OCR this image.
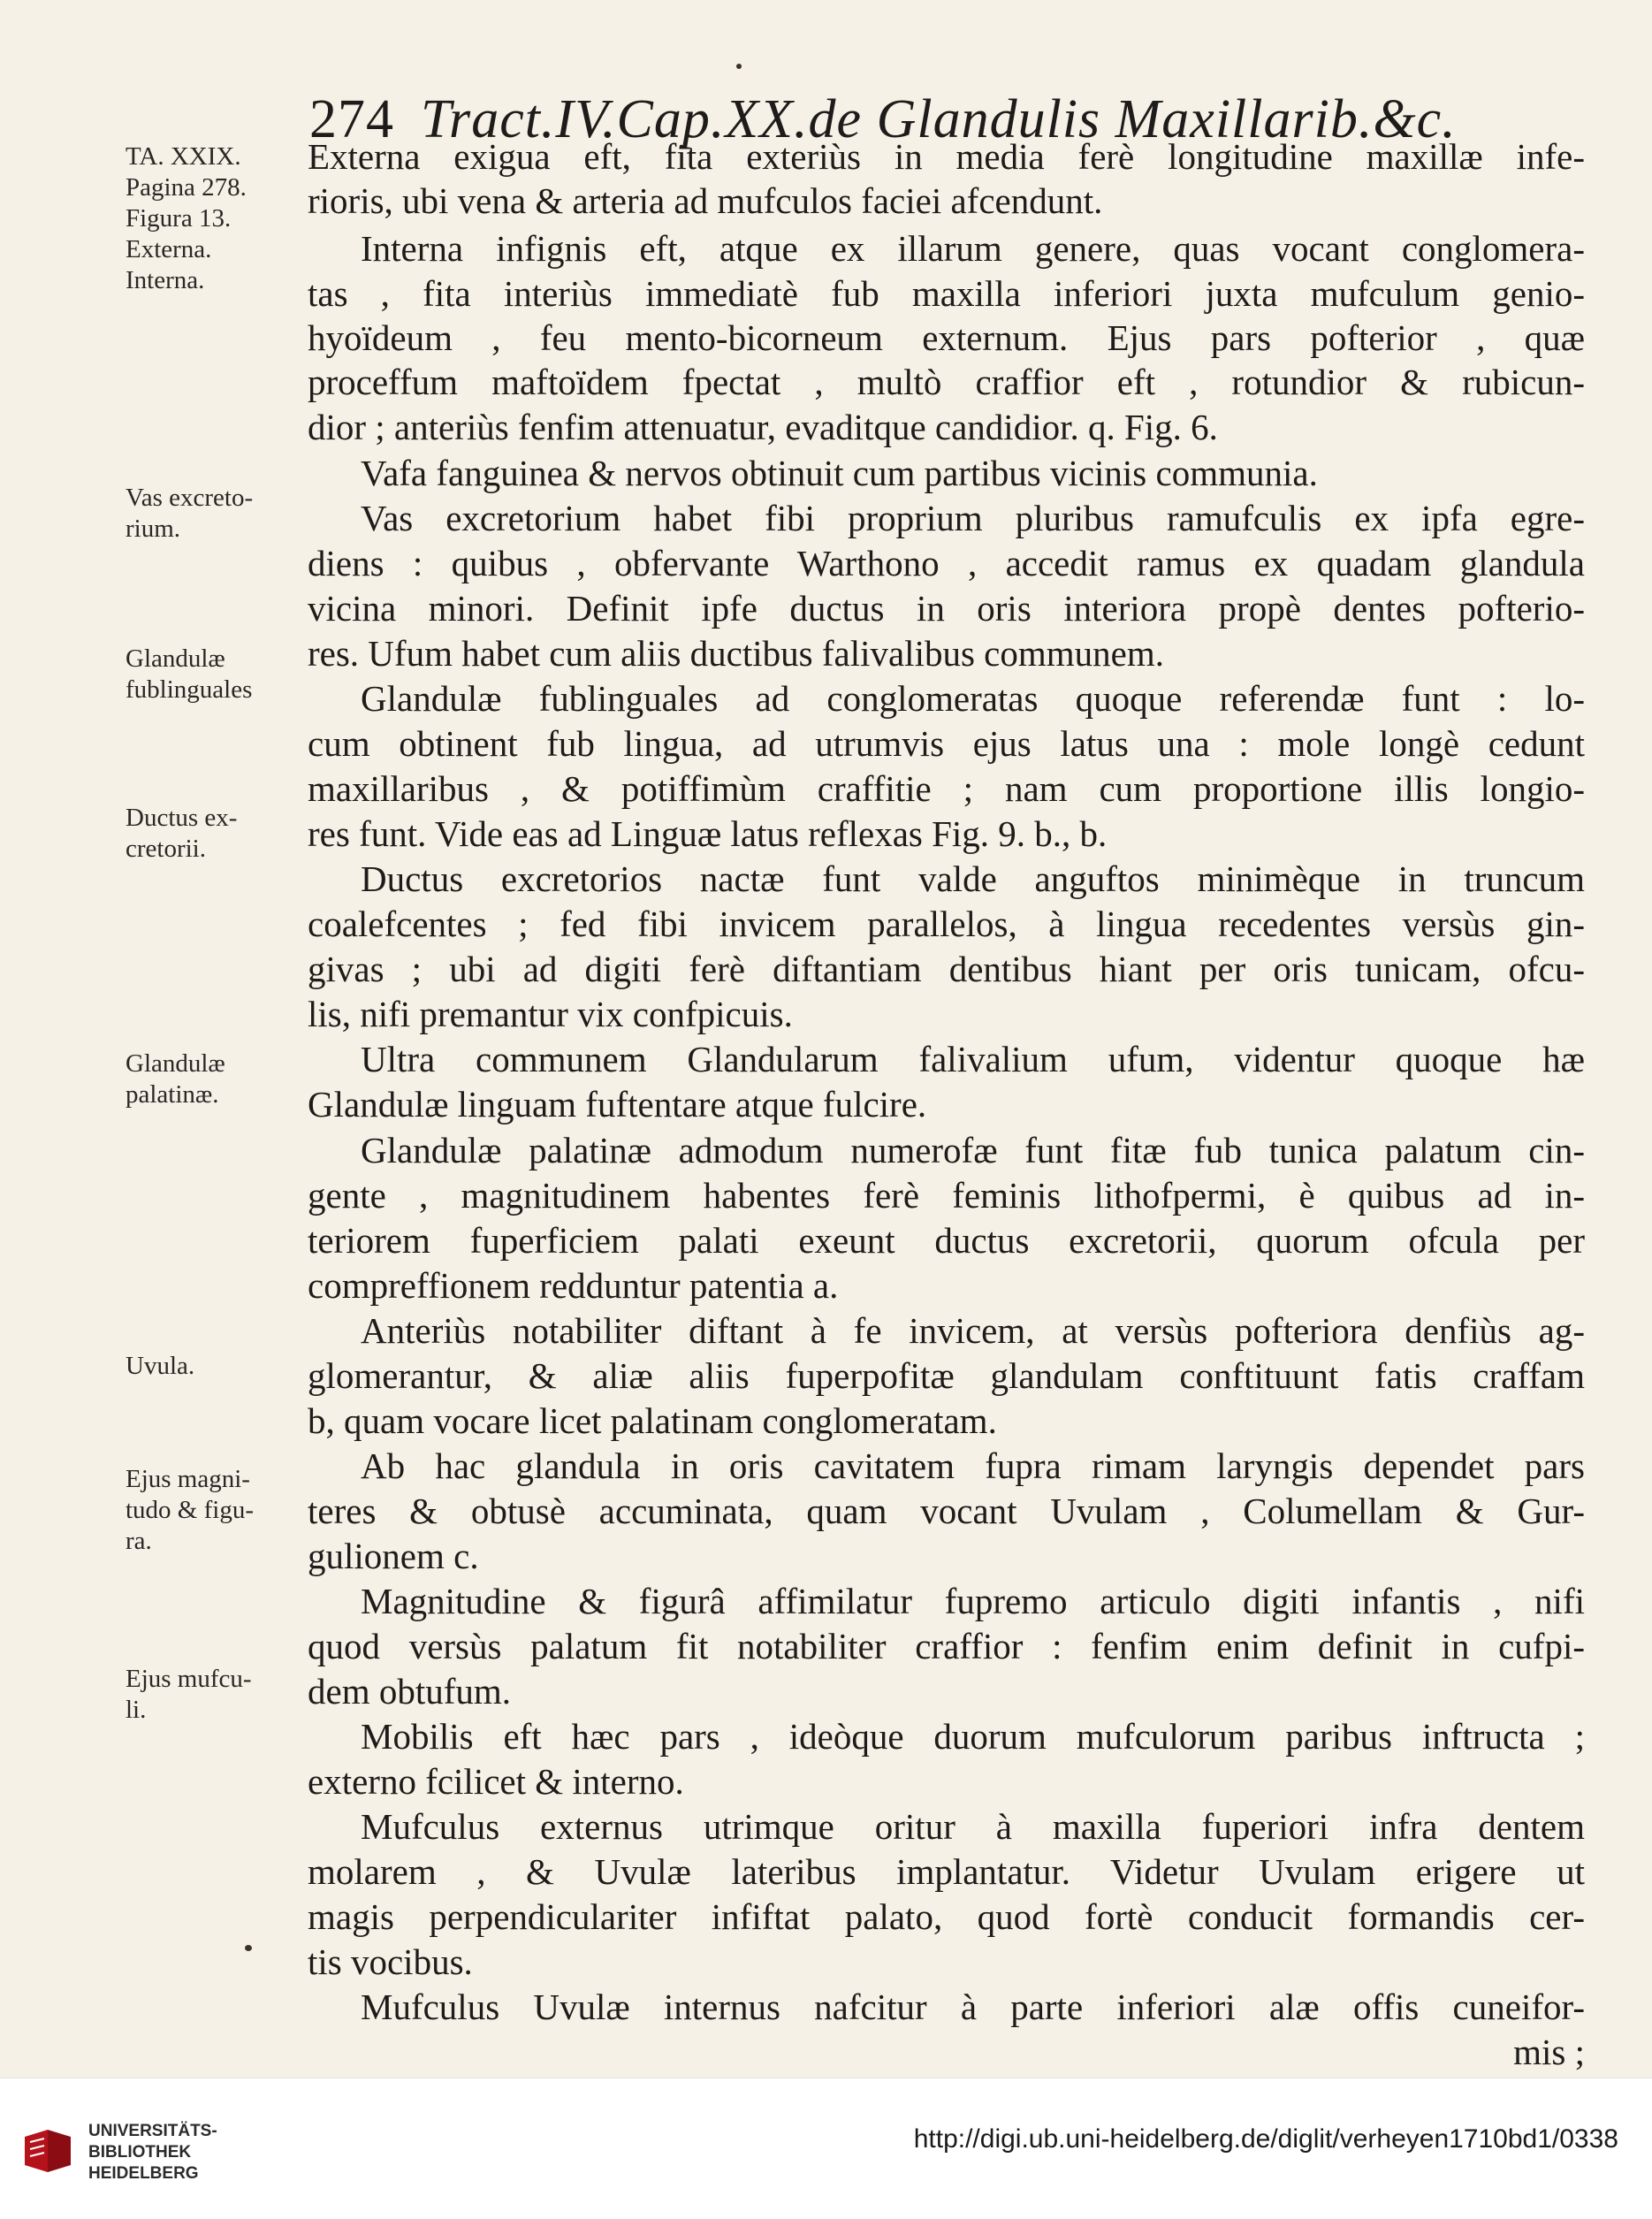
274 Tract.IV.Cap.XX.de Glandulis Maxillarib.&c.
TA. XXIX.
Pagina 278.
Figura 13.
Externa.
Interna.
Vas excreto-
rium.
Glandulæ
fublinguales
Ductus ex-
cretorii.
Glandulæ
palatinæ.
Uvula.
Ejus magni-
tudo & figu-
ra.
Ejus mufcu-
li.
Externa exigua eft, fita exteriùs in media ferè longitudine maxillæ infe-
rioris, ubi vena & arteria ad mufculos faciei afcendunt.
Interna infignis eft, atque ex illarum genere, quas vocant conglomera-
tas , fita interiùs immediatè fub maxilla inferiori juxta mufculum genio-
hyoïdeum , feu mento-bicorneum externum. Ejus pars pofterior , quæ
proceffum maftoïdem fpectat , multò craffior eft , rotundior & rubicun-
dior ; anteriùs fenfim attenuatur, evaditque candidior. q. Fig. 6.
Vafa fanguinea & nervos obtinuit cum partibus vicinis communia.
Vas excretorium habet fibi proprium pluribus ramufculis ex ipfa egre-
diens : quibus , obfervante Warthono , accedit ramus ex quadam glandula
vicina minori. Definit ipfe ductus in oris interiora propè dentes pofterio-
res. Ufum habet cum aliis ductibus falivalibus communem.
Glandulæ fublinguales ad conglomeratas quoque referendæ funt : lo-
cum obtinent fub lingua, ad utrumvis ejus latus una : mole longè cedunt
maxillaribus , & potiffimùm craffitie ; nam cum proportione illis longio-
res funt. Vide eas ad Linguæ latus reflexas Fig. 9. b., b.
Ductus excretorios nactæ funt valde anguftos minimèque in truncum
coalefcentes ; fed fibi invicem parallelos, à lingua recedentes versùs gin-
givas ; ubi ad digiti ferè diftantiam dentibus hiant per oris tunicam, ofcu-
lis, nifi premantur vix confpicuis.
Ultra communem Glandularum falivalium ufum, videntur quoque hæ
Glandulæ linguam fuftentare atque fulcire.
Glandulæ palatinæ admodum numerofæ funt fitæ fub tunica palatum cin-
gente , magnitudinem habentes ferè feminis lithofpermi, è quibus ad in-
teriorem fuperficiem palati exeunt ductus excretorii, quorum ofcula per
compreffionem redduntur patentia a.
Anteriùs notabiliter diftant à fe invicem, at versùs pofteriora denfiùs ag-
glomerantur, & aliæ aliis fuperpofitæ glandulam conftituunt fatis craffam
b, quam vocare licet palatinam conglomeratam.
Ab hac glandula in oris cavitatem fupra rimam laryngis dependet pars
teres & obtusè accuminata, quam vocant Uvulam , Columellam & Gur-
gulionem c.
Magnitudine & figurâ affimilatur fupremo articulo digiti infantis , nifi
quod versùs palatum fit notabiliter craffior : fenfim enim definit in cufpi-
dem obtufum.
Mobilis eft hæc pars , ideòque duorum mufculorum paribus inftructa ;
externo fcilicet & interno.
Mufculus externus utrimque oritur à maxilla fuperiori infra dentem
molarem , & Uvulæ lateribus implantatur. Videtur Uvulam erigere ut
magis perpendiculariter infiftat palato, quod fortè conducit formandis cer-
tis vocibus.
Mufculus Uvulæ internus nafcitur à parte inferiori alæ offis cuneifor-
mis ;
UNIVERSITÄTS-
BIBLIOTHEK
HEIDELBERG
http://digi.ub.uni-heidelberg.de/diglit/verheyen1710bd1/0338
